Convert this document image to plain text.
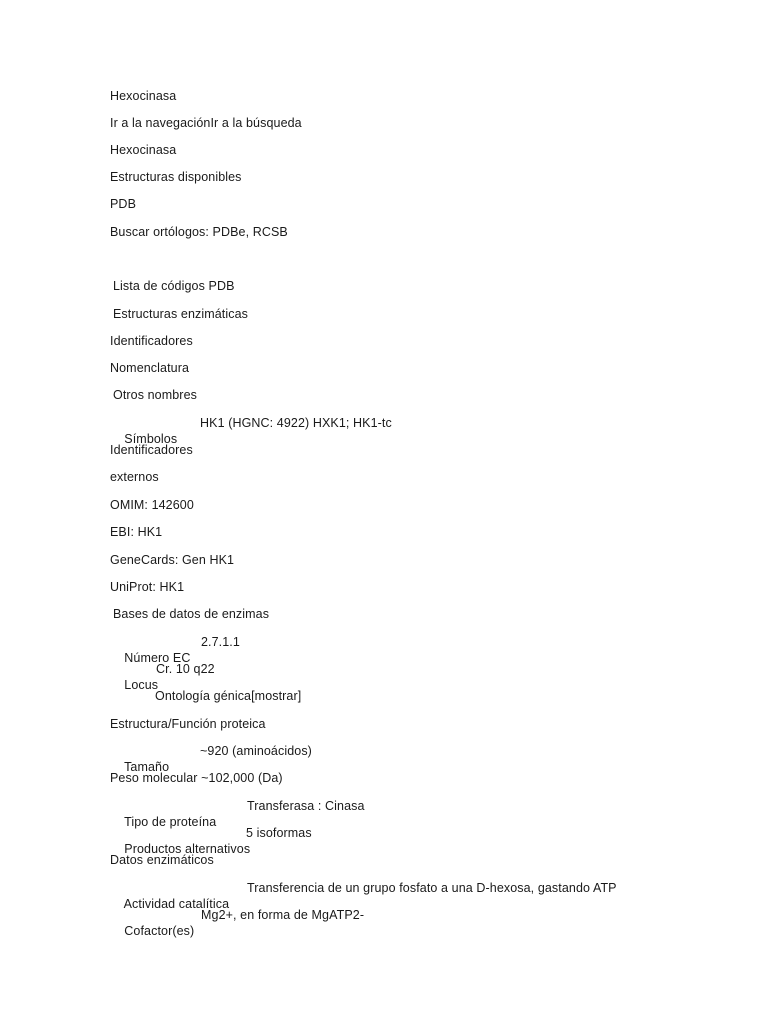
Hexocinasa
Ir a la navegaciónIr a la búsqueda
Hexocinasa
Estructuras disponibles
PDB
Buscar ortólogos: PDBe, RCSB
Lista de códigos PDB
Estructuras enzimáticas
Identificadores
Nomenclatura
Otros nombres

Símbolos

HK1 (HGNC: 4922) HXK1; HK1-tc

Identificadores
externos
OMIM: 142600
EBI: HK1
GeneCards: Gen HK1
UniProt: HK1
Bases de datos de enzimas

Número EC

2.7.1.1

Locus

Cr. 10 q22

Ontología génica[mostrar]
Estructura/Función proteica

Tamaño

~920 (aminoácidos)

Peso molecular ~102,000 (Da)

Tipo de proteína

Transferasa : Cinasa

Productos alternativos

5 isoformas

Datos enzimáticos

Actividad catalítica

Transferencia de un grupo fosfato a una D-hexosa, gastando ATP

Cofactor(es)

Mg2+, en forma de MgATP2-
